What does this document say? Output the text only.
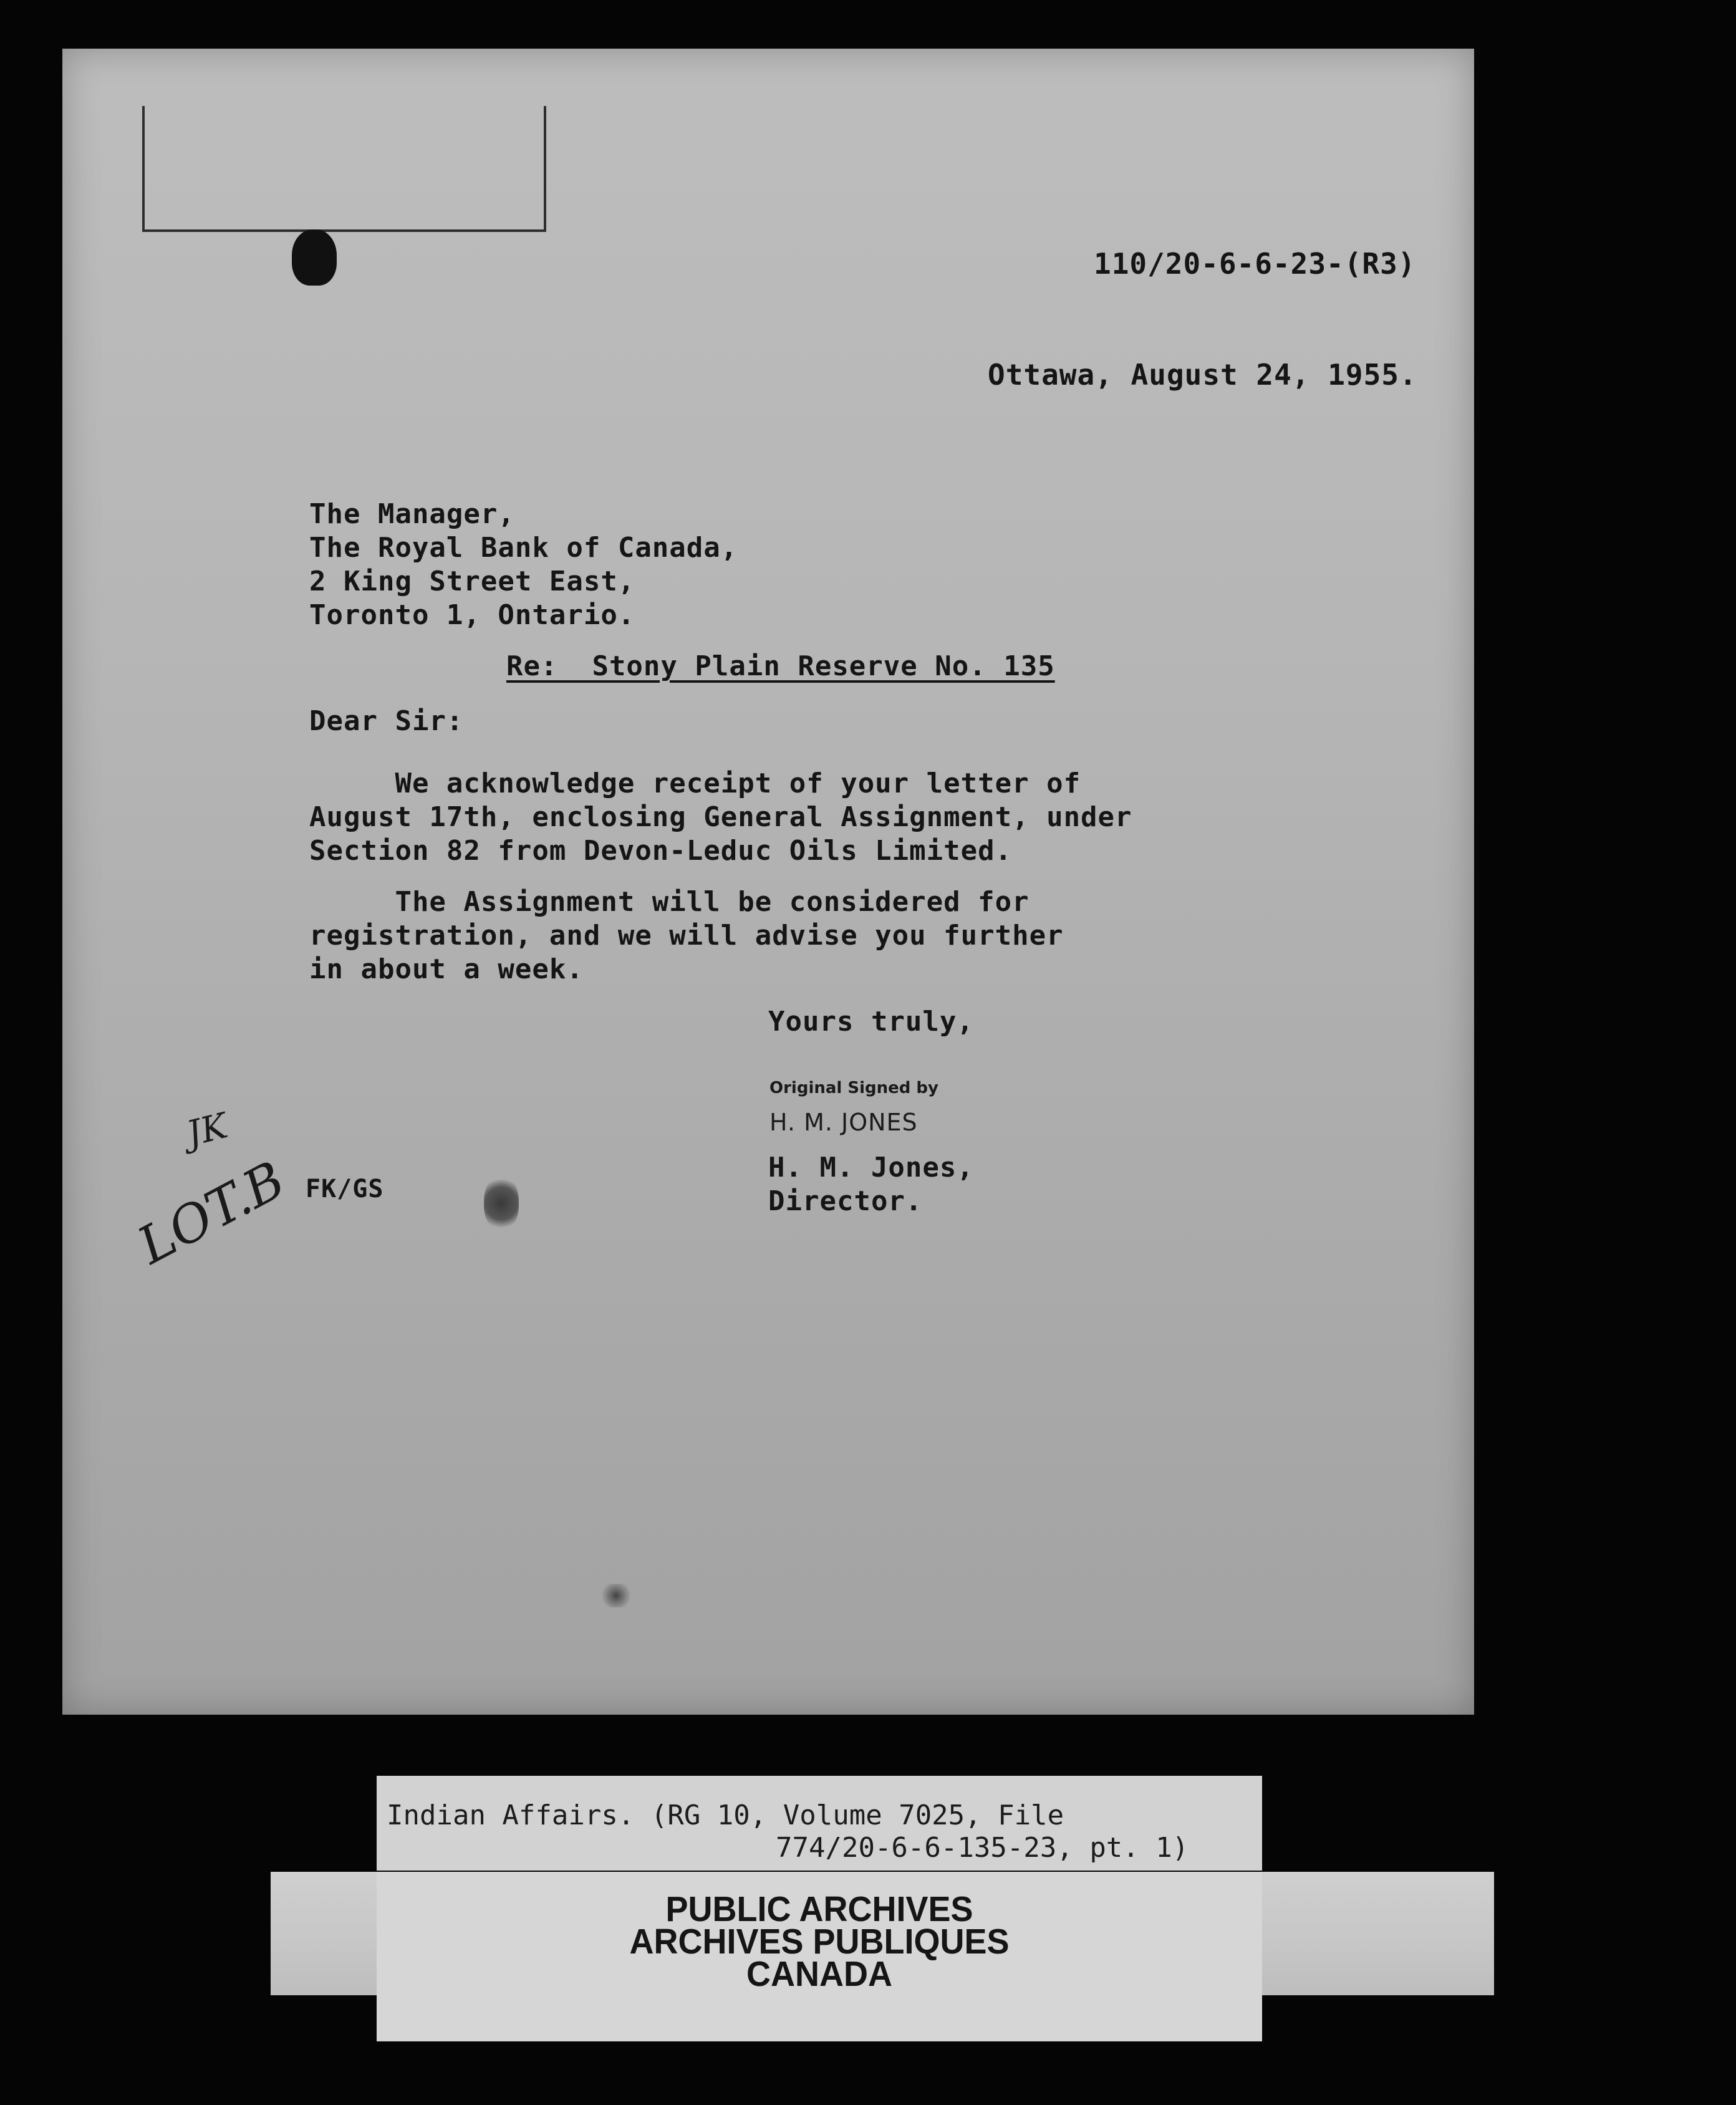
110/20-6-6-23-(R3)
Ottawa, August 24, 1955.
The Manager,
The Royal Bank of Canada,
2 King Street East,
Toronto 1, Ontario.
Re:  Stony Plain Reserve No. 135
Dear Sir:
We acknowledge receipt of your letter of
August 17th, enclosing General Assignment, under
Section 82 from Devon-Leduc Oils Limited.
The Assignment will be considered for
registration, and we will advise you further
in about a week.
Yours truly,
Original Signed by
H. M. JONES
H. M. Jones,
Director.
FK/GS
JK
LOT.B
Indian Affairs. (RG 10, Volume 7025, File
774/20-6-6-135-23, pt. 1)
PUBLIC ARCHIVES
ARCHIVES PUBLIQUES
CANADA
